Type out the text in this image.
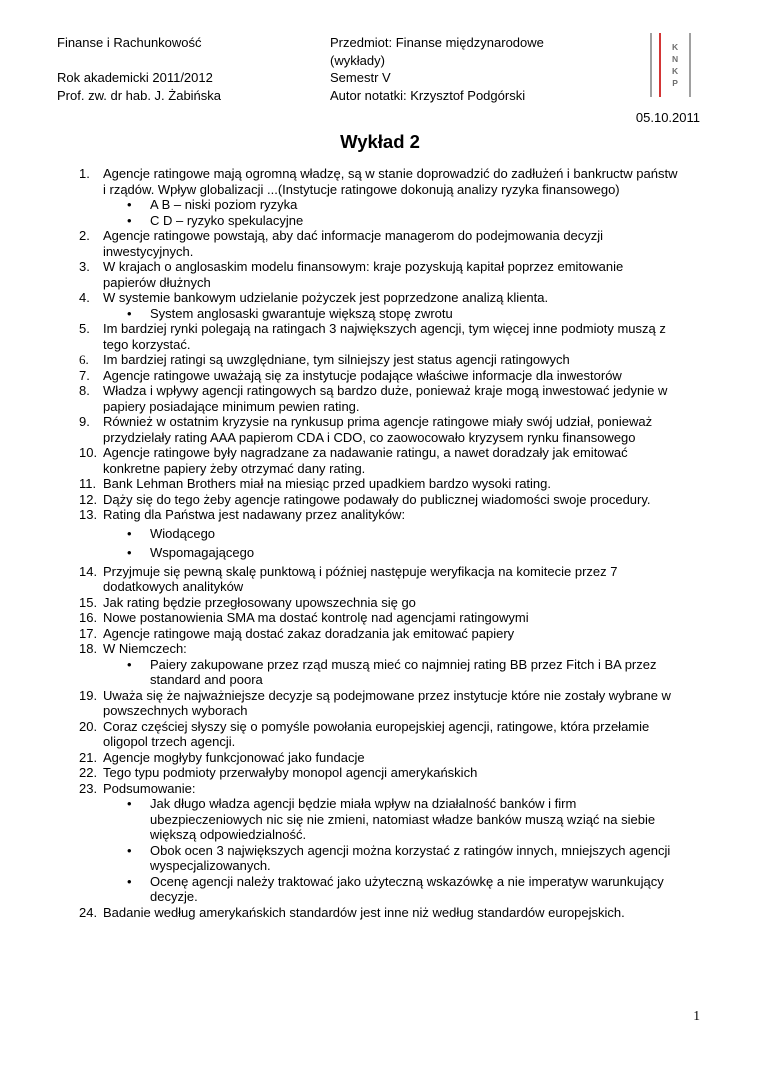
Finanse i Rachunkowość
Rok akademicki 2011/2012
Prof. zw. dr hab. J. Żabińska
Przedmiot: Finanse międzynarodowe
(wykłady)
Semestr V
Autor notatki: Krzysztof Podgórski
K
N
K
P
05.10.2011
Wykład 2
1.	Agencje ratingowe mają ogromną władzę, są w stanie doprowadzić do zadłużeń i bankructw państw i rządów. Wpływ globalizacji ...(Instytucje ratingowe dokonują analizy ryzyka finansowego)
•	A B – niski poziom ryzyka
•	C D – ryzyko spekulacyjne
2.	Agencje ratingowe powstają, aby dać informacje managerom do podejmowania decyzji inwestycyjnych.
3.	W krajach o anglosaskim modelu finansowym: kraje pozyskują kapitał poprzez emitowanie papierów dłużnych
4.	W systemie bankowym udzielanie pożyczek jest poprzedzone analizą klienta.
•	System anglosaski gwarantuje większą stopę zwrotu
5.	Im bardziej rynki polegają na ratingach 3 największych agencji, tym więcej inne podmioty muszą z tego korzystać.
6.	Im bardziej ratingi są uwzględniane, tym silniejszy jest status agencji ratingowych
7.	Agencje ratingowe uważają się za instytucje podające właściwe informacje dla inwestorów
8.	Władza i wpływy agencji ratingowych są bardzo duże, ponieważ kraje mogą inwestować jedynie w papiery posiadające minimum pewien rating.
9.	Również w ostatnim kryzysie na rynkusup prima agencje ratingowe miały swój udział, ponieważ przydzielały rating AAA papierom CDA i CDO, co zaowocowało kryzysem rynku finansowego
10. Agencje ratingowe były nagradzane za nadawanie ratingu, a nawet doradzały jak emitować konkretne papiery żeby otrzymać dany rating.
11. Bank Lehman Brothers miał na miesiąc przed upadkiem bardzo wysoki rating.
12. Dąży się do tego żeby agencje ratingowe podawały do publicznej wiadomości swoje procedury.
13. Rating dla Państwa jest nadawany przez analityków:
•	Wiodącego
•	Wspomagającego
14. Przyjmuje się pewną skalę punktową i później następuje weryfikacja na komitecie przez 7 dodatkowych analityków
15. Jak rating będzie przegłosowany upowszechnia się go
16. Nowe postanowienia SMA ma dostać kontrolę nad agencjami ratingowymi
17. Agencje ratingowe mają dostać zakaz doradzania jak emitować papiery
18. W Niemczech:
•	Paiery zakupowane przez rząd muszą mieć co najmniej rating BB przez Fitch i BA przez standard and poora
19. Uważa się że najważniejsze decyzje są podejmowane przez instytucje które nie zostały wybrane w powszechnych wyborach
20. Coraz częściej słyszy się o pomyśle powołania europejskiej agencji, ratingowe, która przełamie oligopol trzech agencji.
21. Agencje mogłyby funkcjonować jako fundacje
22. Tego typu podmioty przerwałyby monopol agencji amerykańskich
23. Podsumowanie:
•	Jak długo władza agencji będzie miała wpływ na działalność banków i firm ubezpieczeniowych nic się nie zmieni, natomiast władze banków muszą wziąć na siebie większą odpowiedzialność.
•	Obok ocen 3 największych agencji można korzystać z ratingów innych, mniejszych agencji wyspecjalizowanych.
•	Ocenę agencji należy traktować jako użyteczną wskazówkę a nie imperatyw warunkujący decyzje.
24. Badanie według amerykańskich standardów jest inne niż według standardów europejskich.
1
